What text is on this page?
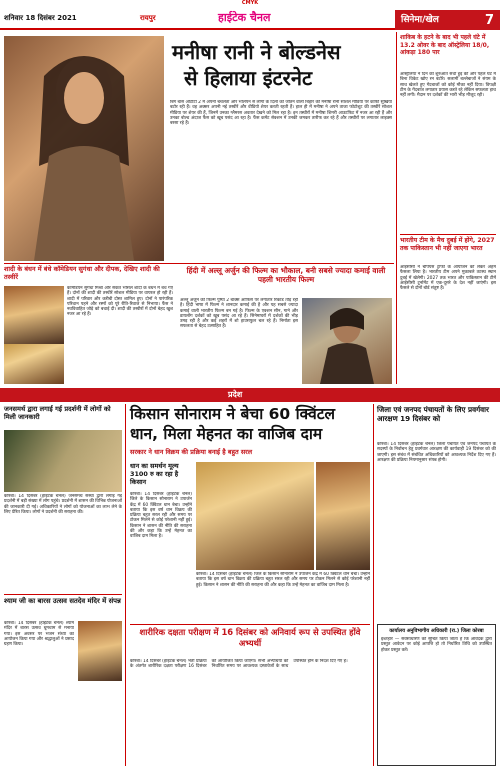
CMYK
शनिवार 18 दिसंबर 2021	रायपुर	हाईटेक चैनल	सिनेमा/खेल	7
मनीषा रानी ने बोल्डनेस
से हिलाया इंटरनेट
बिग बॉस ओटीटी 2 में अपनी चंचलता और भोलेपन से लोगों के दिलों को जीतने वाली बिहार की मनीषा रानी सोशल मीडिया पर काफी सुर्खियां बटोर रही हैं। वह अक्सर अपनी नई तस्वीरें और वीडियो शेयर करती रहती हैं। हाल ही में मनीषा ने अपने ताजा फोटोशूट की तस्वीरें सोशल मीडिया पर शेयर की हैं, जिनमें उनका ग्लैमरस अवतार देखने को मिल रहा है। इन तस्वीरों में मनीषा शिमरी आउटफिट में नजर आ रही हैं और उनका बोल्ड अंदाज फैंस को खूब पसंद आ रहा है। फैंस कमेंट सेक्शन में उनकी जमकर तारीफ कर रहे हैं और तस्वीरों पर लगातार लाइक्स बरसा रहे हैं।
शाकिब के हटने के बाद भी पहले घंटे में 13.2 ओवर के बाद ऑस्ट्रेलिया 18/0, आंकड़ा 180 पार
ऑस्ट्रेलिया ने दिन की शुरुआत सधी हुई की और पहले घंटे में बिना विकेट खोए रन बटोरे। सलामी बल्लेबाजों ने संयम के साथ खेलते हुए गेंदबाजों को कोई मौका नहीं दिया। विपक्षी टीम के गेंदबाज लगातार प्रयास करते रहे लेकिन सफलता हाथ नहीं लगी। मैदान पर दर्शकों की भारी भीड़ मौजूद रही।
भारतीय टीम के मैच दुबई में होंगे, 2027 तक पाकिस्तान भी नहीं जाएगा भारत
आईसीसी ने चैंपियंस ट्रॉफी के आयोजन को लेकर अहम फैसला लिया है। भारतीय टीम अपने मुकाबले तटस्थ स्थान दुबई में खेलेगी। 2027 तक भारत और पाकिस्तान की टीमें आईसीसी टूर्नामेंट में एक-दूसरे के देश नहीं जाएंगी। इस फैसले से दोनों बोर्ड संतुष्ट हैं।
शादी के बंधन में बंधे कॉमेडियन सुगंधा और दीपक, देखिए शादी की तस्वीरें
कॉमेडियन सुगंधा मिश्रा और संकेत भोसले शादी के बंधन में बंध गए हैं। दोनों की शादी की तस्वीरें सोशल मीडिया पर वायरल हो रही हैं। शादी में परिवार और करीबी दोस्त शामिल हुए। दोनों ने पारंपरिक परिधान पहने और रस्मों को पूरे रीति-रिवाज से निभाया। फैंस ने नवविवाहित जोड़े को बधाई दी। शादी की तस्वीरों में दोनों बेहद खुश नजर आ रहे हैं।
हिंदी में अल्लू अर्जुन की फिल्म का भौकाल, बनी सबसे ज्यादा कमाई वाली पहली भारतीय फिल्म
अल्लू अर्जुन की फिल्म पुष्पा 2 बॉक्स ऑफिस पर लगातार रिकॉर्ड तोड़ रही है। हिंदी भाषा में फिल्म ने शानदार कमाई की है और यह सबसे ज्यादा कमाई वाली भारतीय फिल्म बन गई है। फिल्म के एक्शन सीन, गाने और डायलॉग दर्शकों को खूब पसंद आ रहे हैं। सिनेमाघरों में दर्शकों की भीड़ उमड़ रही है और कई शहरों में शो हाउसफुल चल रहे हैं। निर्माता इस सफलता से बेहद उत्साहित हैं।
प्रदेश
जनसमर्थ द्वारा लगाई गई प्रदर्शनी में लोगों को मिली जानकारी
कोरबा। 14 दिसंबर (हाईटेक चैनल) जनसमर्थ संस्था द्वारा लगाई गई प्रदर्शनी में बड़ी संख्या में लोग पहुंचे। प्रदर्शनी में शासन की विभिन्न योजनाओं की जानकारी दी गई। अधिकारियों ने लोगों को योजनाओं का लाभ लेने के लिए प्रेरित किया। लोगों ने प्रदर्शनी की सराहना की।
श्याम जी का बारस उत्सव सतदेव मंदिर में संपन्न
कोरबा। 14 दिसंबर (हाईटेक चैनल) श्याम मंदिर में बारस उत्सव धूमधाम से मनाया गया। इस अवसर पर भजन संध्या का आयोजन किया गया और श्रद्धालुओं ने प्रसाद ग्रहण किया।
किसान सोनाराम ने बेचा 60 क्विंटल
धान, मिला मेहनत का वाजिब दाम
सरकार ने धान विक्रय की प्रक्रिया बनाई है बहुत सरल
धान का समर्थन मूल्य 3100 रु का रहा है किसान
कोरबा। 14 दिसंबर (हाईटेक चैनल) जिले के किसान सोनाराम ने उपार्जन केंद्र में 60 क्विंटल धान बेचा। उन्होंने बताया कि इस वर्ष धान विक्रय की प्रक्रिया बहुत सरल रही और समय पर टोकन मिलने से कोई परेशानी नहीं हुई। किसान ने शासन की नीति की सराहना की और कहा कि उन्हें मेहनत का वाजिब दाम मिला है।
कोरबा। 14 दिसंबर (हाईटेक चैनल) जिले के किसान सोनाराम ने उपार्जन केंद्र में 60 क्विंटल धान बेचा। उन्होंने बताया कि इस वर्ष धान विक्रय की प्रक्रिया बहुत सरल रही और समय पर टोकन मिलने से कोई परेशानी नहीं हुई। किसान ने शासन की नीति की सराहना की और कहा कि उन्हें मेहनत का वाजिब दाम मिला है।
शारीरिक दक्षता परीक्षण में 16 दिसंबर को अनिवार्य रूप से उपस्थित होंवे अभ्यर्थी
कोरबा। 14 दिसंबर (हाईटेक चैनल) भर्ती प्रक्रिया के अंतर्गत शारीरिक दक्षता परीक्षण 16 दिसंबर को आयोजित किया जाएगा। सभी अभ्यर्थियों को निर्धारित समय पर आवश्यक दस्तावेजों के साथ उपस्थित होने के निर्देश दिए गए हैं।
जिला एवं जनपद पंचायतों के लिए प्रवर्गवार आरक्षण 19 दिसंबर को
कोरबा। 14 दिसंबर (हाईटेक चैनल) जिला पंचायत एवं जनपद पंचायत के सदस्यों के निर्वाचन हेतु प्रवर्गवार आरक्षण की कार्यवाही 19 दिसंबर को की जाएगी। इस संबंध में संबंधित अधिकारियों को आवश्यक निर्देश दिए गए हैं। आरक्षण की प्रक्रिया नियमानुसार संपन्न होगी।
कार्यालय अनुविभागीय अधिकारी (रा.) जिला कोरबा
इश्तहार — सर्वसाधारण को सूचित किया जाता है कि आवेदक द्वारा प्रस्तुत आवेदन पर कोई आपत्ति हो तो निर्धारित तिथि को उपस्थित होकर प्रस्तुत करें।
